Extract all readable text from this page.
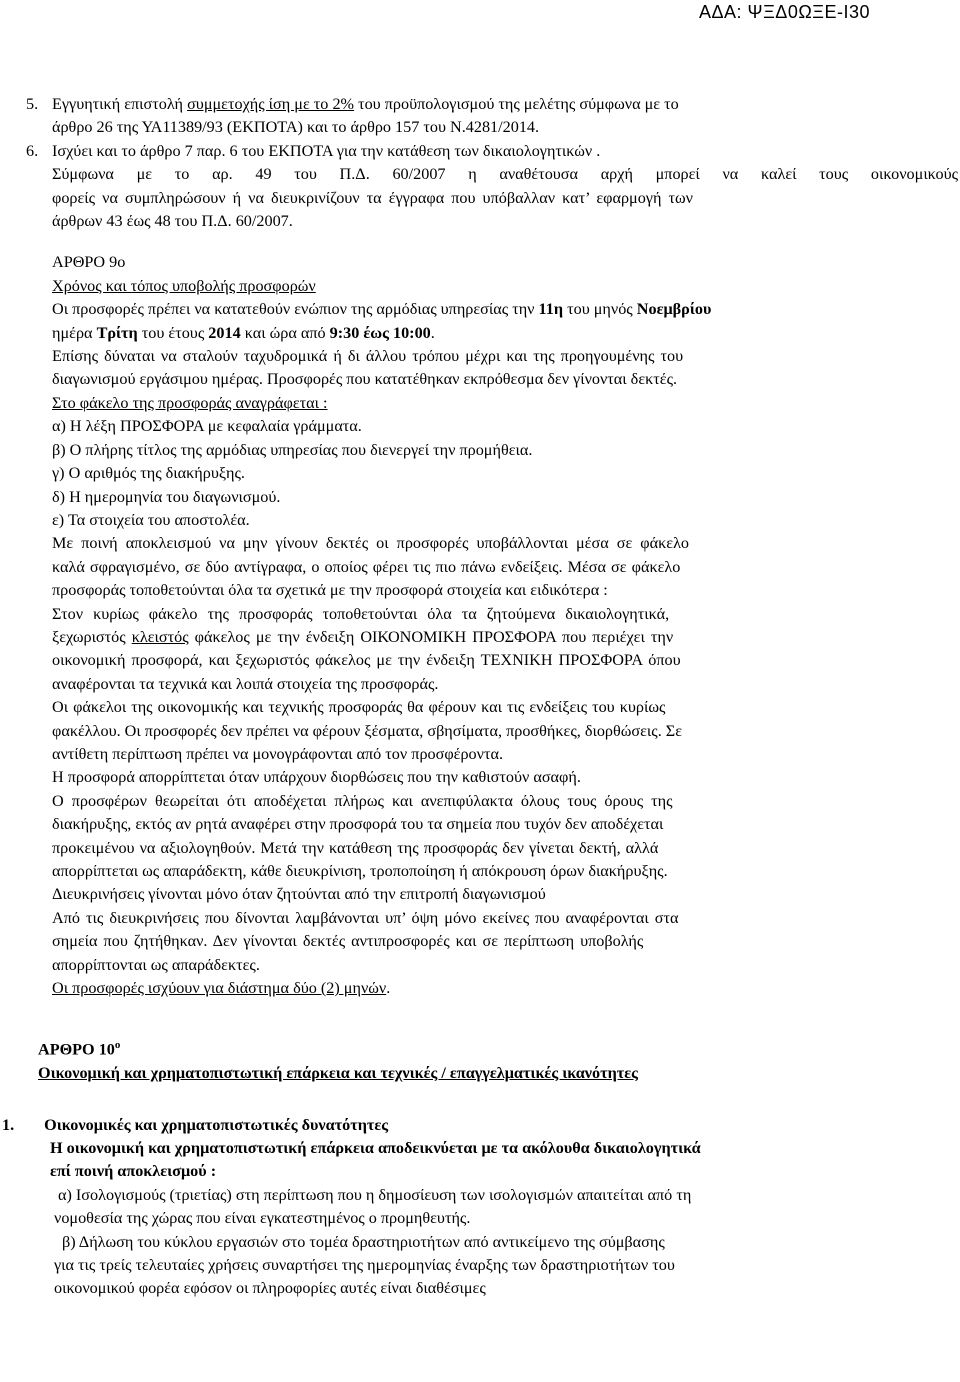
ΑΔΑ: ΨΞΔ0ΩΞΕ-Ι30
5. Εγγυητική επιστολή συμμετοχής ίση με το 2% του προϋπολογισμού της μελέτης σύμφωνα με το
άρθρο 26 της ΥΑ11389/93 (ΕΚΠΟΤΑ) και το άρθρο 157 του Ν.4281/2014.
6. Ισχύει και το άρθρο 7 παρ. 6 του ΕΚΠΟΤΑ για την κατάθεση των δικαιολογητικών .
Σύμφωνα με το αρ. 49 του Π.Δ. 60/2007 η αναθέτουσα αρχή μπορεί να καλεί τους οικονομικούς
φορείς να συμπληρώσουν ή να διευκρινίζουν τα έγγραφα που υπόβαλλαν κατ’ εφαρμογή των
άρθρων 43 έως 48 του Π.Δ. 60/2007.
ΑΡΘΡΟ 9ο
Χρόνος και τόπος υποβολής προσφορών
Οι προσφορές πρέπει να κατατεθούν ενώπιον της αρμόδιας υπηρεσίας την 11η του μηνός Νοεμβρίου
ημέρα Τρίτη του έτους 2014 και ώρα από 9:30 έως 10:00.
Επίσης δύναται να σταλούν ταχυδρομικά ή δι άλλου τρόπου μέχρι και της προηγουμένης του
διαγωνισμού εργάσιμου ημέρας. Προσφορές που κατατέθηκαν εκπρόθεσμα δεν γίνονται δεκτές.
Στο φάκελο της προσφοράς αναγράφεται :
α) Η λέξη ΠΡΟΣΦΟΡΑ με κεφαλαία γράμματα.
β) Ο πλήρης τίτλος της αρμόδιας υπηρεσίας που διενεργεί την προμήθεια.
γ) Ο αριθμός της διακήρυξης.
δ) Η ημερομηνία του διαγωνισμού.
ε) Τα στοιχεία του αποστολέα.
Με ποινή αποκλεισμού να μην γίνουν δεκτές οι προσφορές υποβάλλονται μέσα σε φάκελο
καλά σφραγισμένο, σε δύο αντίγραφα, ο οποίος φέρει τις πιο πάνω ενδείξεις. Μέσα σε φάκελο
προσφοράς τοποθετούνται όλα τα σχετικά με την προσφορά στοιχεία και ειδικότερα :
Στον κυρίως φάκελο της προσφοράς τοποθετούνται όλα τα ζητούμενα δικαιολογητικά,
ξεχωριστός κλειστός φάκελος με την ένδειξη ΟΙΚΟΝΟΜΙΚΗ ΠΡΟΣΦΟΡΑ που περιέχει την
οικονομική προσφορά, και ξεχωριστός φάκελος με την ένδειξη ΤΕΧΝΙΚΗ ΠΡΟΣΦΟΡΑ όπου
αναφέρονται τα τεχνικά και λοιπά στοιχεία της προσφοράς.
Οι φάκελοι της οικονομικής και τεχνικής προσφοράς θα φέρουν και τις ενδείξεις του κυρίως
φακέλλου. Οι προσφορές δεν πρέπει να φέρουν ξέσματα, σβησίματα, προσθήκες, διορθώσεις. Σε
αντίθετη περίπτωση πρέπει να μονογράφονται από τον προσφέροντα.
Η προσφορά απορρίπτεται όταν υπάρχουν διορθώσεις που την καθιστούν ασαφή.
Ο προσφέρων θεωρείται ότι αποδέχεται πλήρως και ανεπιφύλακτα όλους τους όρους της
διακήρυξης, εκτός αν ρητά αναφέρει στην προσφορά του τα σημεία που τυχόν δεν αποδέχεται
προκειμένου να αξιολογηθούν. Μετά την κατάθεση της προσφοράς δεν γίνεται δεκτή, αλλά
απορρίπτεται ως απαράδεκτη, κάθε διευκρίνιση, τροποποίηση ή απόκρουση όρων διακήρυξης.
Διευκρινήσεις γίνονται μόνο όταν ζητούνται από την επιτροπή διαγωνισμού
Από τις διευκρινήσεις που δίνονται λαμβάνονται υπ’ όψη μόνο εκείνες που αναφέρονται στα
σημεία που ζητήθηκαν. Δεν γίνονται δεκτές αντιπροσφορές και σε περίπτωση υποβολής
απορρίπτονται ως απαράδεκτες.
Οι προσφορές ισχύουν για διάστημα δύο (2) μηνών.
ΑΡΘΡΟ $10^o$
Οικονομική και χρηματοπιστωτική επάρκεια και τεχνικές / επαγγελματικές ικανότητες
1. Οικονομικές και χρηματοπιστωτικές δυνατότητες
Η οικονομική και χρηματοπιστωτική επάρκεια αποδεικνύεται με τα ακόλουθα δικαιολογητικά
επί ποινή αποκλεισμού :
α) Ισολογισμούς (τριετίας) στη περίπτωση που η δημοσίευση των ισολογισμών απαιτείται από τη
νομοθεσία της χώρας που είναι εγκατεστημένος ο προμηθευτής.
β) Δήλωση του κύκλου εργασιών στο τομέα δραστηριοτήτων από αντικείμενο της σύμβασης
για τις τρείς τελευταίες χρήσεις συναρτήσει της ημερομηνίας έναρξης των δραστηριοτήτων του
οικονομικού φορέα εφόσον οι πληροφορίες αυτές είναι διαθέσιμες
